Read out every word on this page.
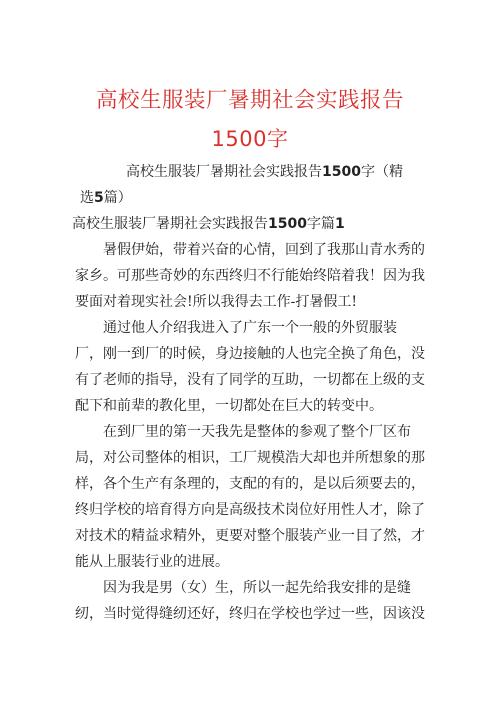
高校生服装厂暑期社会实践报告
1500字
高校生服装厂暑期社会实践报告1500字（精
选5篇）
高校生服装厂暑期社会实践报告1500字篇1
　　暑假伊始，带着兴奋的心情，回到了我那山青水秀的
家乡。可那些奇妙的东西终归不行能始终陪着我！因为我
要面对着现实社会!所以我得去工作-打暑假工!
　　通过他人介绍我进入了广东一个一般的外贸服装
厂，刚一到厂的时候，身边接触的人也完全换了角色，没
有了老师的指导，没有了同学的互助，一切都在上级的支
配下和前辈的教化里，一切都处在巨大的转变中。
　　在到厂里的第一天我先是整体的参观了整个厂区布
局，对公司整体的相识，工厂规模浩大却也并所想象的那
样，各个生产有条理的，支配的有的，是以后须要去的，
终归学校的培育得方向是高级技术岗位好用性人才，除了
对技术的精益求精外，更要对整个服装产业一目了然，才
能从上服装行业的进展。
　　因为我是男（女）生，所以一起先给我安排的是缝
纫，当时觉得缝纫还好，终归在学校也学过一些，因该没
